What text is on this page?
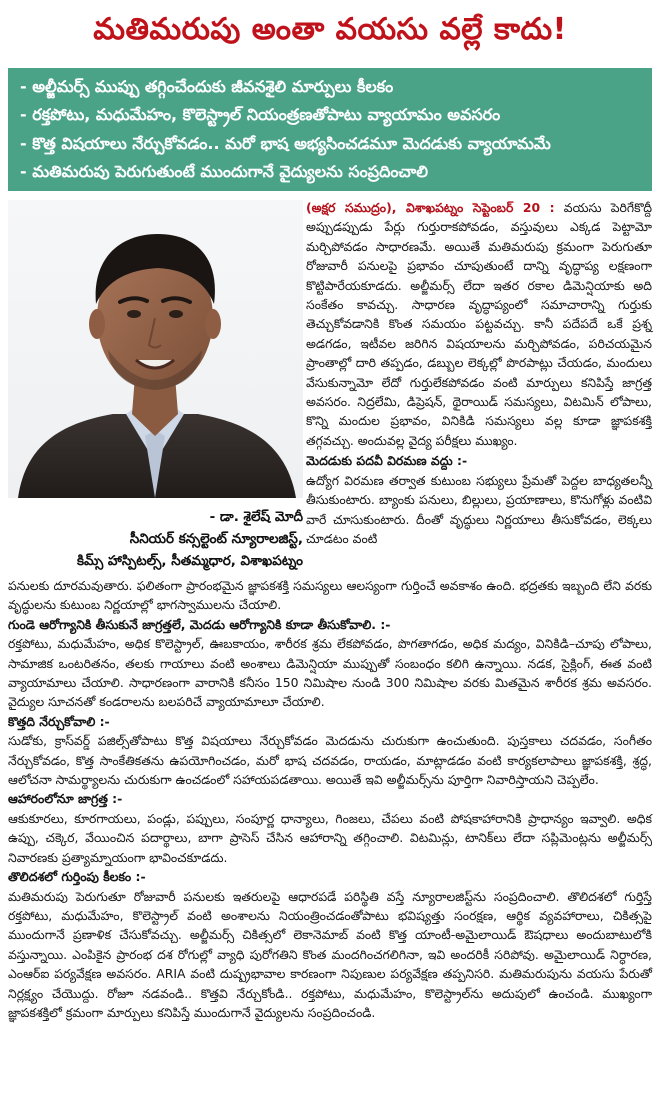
మతిమరుపు అంతా వయసు వల్లే కాదు!
- అల్జీమర్స్ ముప్పు తగ్గించేందుకు జీవనశైలి మార్పులు కీలకం
- రక్తపోటు, మధుమేహం, కొలెస్ట్రాల్ నియంత్రణతోపాటు వ్యాయామం అవసరం
- కొత్త విషయాలు నేర్చుకోవడం.. మరో భాష అభ్యసించడమూ మెదడుకు వ్యాయామమే
- మతిమరుపు పెరుగుతుంటే ముందుగానే వైద్యులను సంప్రదించాలి
- డా. శైలేష్ మోదీ
సీనియర్ కన్సల్టెంట్ న్యూరాలజిస్ట్,
కిమ్స్ హాస్పిటల్స్, సీతమ్మధార, విశాఖపట్నం

(అక్షర సముద్రం), విశాఖపట్నం సెప్టెంబర్ 20 : వయసు పెరిగేకొద్దీ అప్పుడప్పుడు పేర్లు గుర్తురాకపోవడం, వస్తువులు ఎక్కడ పెట్టామో మర్చిపోవడం సాధారణమే. అయితే మతిమరుపు క్రమంగా పెరుగుతూ రోజువారీ పనులపై ప్రభావం చూపుతుంటే దాన్ని వృద్ధాప్య లక్షణంగా కొట్టిపారేయకూడదు. అల్జీమర్స్ లేదా ఇతర రకాల డిమెన్షియాకు అది సంకేతం కావచ్చు. సాధారణ వృద్ధాప్యంలో సమాచారాన్ని గుర్తుకు తెచ్చుకోవడానికి కొంత సమయం పట్టవచ్చు. కానీ పదేపదే ఒకే ప్రశ్న అడగడం, ఇటీవల జరిగిన విషయాలను మర్చిపోవడం, పరిచయమైన ప్రాంతాల్లో దారి తప్పడం, డబ్బుల లెక్కల్లో పొరపాట్లు చేయడం, మందులు వేసుకున్నామో లేదో గుర్తులేకపోవడం వంటి మార్పులు కనిపిస్తే జాగ్రత్త అవసరం. నిద్రలేమి, డిప్రెషన్, థైరాయిడ్ సమస్యలు, విటమిన్ లోపాలు, కొన్ని మందుల ప్రభావం, వినికిడి సమస్యలు వల్ల కూడా జ్ఞాపకశక్తి తగ్గవచ్చు. అందువల్ల వైద్య పరీక్షలు ముఖ్యం.

మెదడుకు పదవీ విరమణ వద్దు :-

ఉద్యోగ విరమణ తర్వాత కుటుంబ సభ్యులు ప్రేమతో పెద్దల బాధ్యతలన్నీ తీసుకుంటారు. బ్యాంకు పనులు, బిల్లులు, ప్రయాణాలు, కొనుగోళ్లు వంటివి వారే చూసుకుంటారు. దీంతో వృద్ధులు నిర్ణయాలు తీసుకోవడం, లెక్కలు చూడటం వంటి

పనులకు దూరమవుతారు. ఫలితంగా ప్రారంభమైన జ్ఞాపకశక్తి సమస్యలు ఆలస్యంగా గుర్తించే అవకాశం ఉంది. భద్రతకు ఇబ్బంది లేని వరకు వృద్ధులను కుటుంబ నిర్ణయాల్లో భాగస్వాములను చేయాలి.

గుండె ఆరోగ్యానికి తీసుకునే జాగ్రత్తలే, మెదడు ఆరోగ్యానికి కూడా తీసుకోవాలి. :-

రక్తపోటు, మధుమేహం, అధిక కొలెస్ట్రాల్, ఊబకాయం, శారీరక శ్రమ లేకపోవడం, పొగతాగడం, అధిక మద్యం, వినికిడి–చూపు లోపాలు, సామాజిక ఒంటరితనం, తలకు గాయాలు వంటి అంశాలు డిమెన్షియా ముప్పుతో సంబంధం కలిగి ఉన్నాయి. నడక, సైక్లింగ్, ఈత వంటి వ్యాయామాలు చేయాలి. సాధారణంగా వారానికి కనీసం 150 నిమిషాల నుండి 300 నిమిషాల వరకు మితమైన శారీరక శ్రమ అవసరం. వైద్యుల సూచనతో కండరాలను బలపరిచే వ్యాయామాలూ చేయాలి.

కొత్తది నేర్చుకోవాలి :-

సుడోకు, క్రాస్‌వర్డ్ పజిల్స్‌తోపాటు కొత్త విషయాలు నేర్చుకోవడం మెదడును చురుకుగా ఉంచుతుంది. పుస్తకాలు చదవడం, సంగీతం నేర్చుకోవడం, కొత్త సాంకేతికతను ఉపయోగించడం, మరో భాష చదవడం, రాయడం, మాట్లాడడం వంటి కార్యకలాపాలు జ్ఞాపకశక్తి, శ్రద్ధ, ఆలోచనా సామర్థ్యాలను చురుకుగా ఉంచడంలో సహాయపడతాయి. అయితే ఇవి అల్జీమర్స్‌ను పూర్తిగా నివారిస్తాయని చెప్పలేం.

ఆహారంలోనూ జాగ్రత్త :-

ఆకుకూరలు, కూరగాయలు, పండ్లు, పప్పులు, సంపూర్ణ ధాన్యాలు, గింజలు, చేపలు వంటి పోషకాహారానికి ప్రాధాన్యం ఇవ్వాలి. అధిక ఉప్పు, చక్కెర, వేయించిన పదార్థాలు, బాగా ప్రాసెస్ చేసిన ఆహారాన్ని తగ్గించాలి. విటమిన్లు, టానిక్‌లు లేదా సప్లిమెంట్లను అల్జీమర్స్ నివారణకు ప్రత్యామ్నాయంగా భావించకూడదు.

తొలిదశలో గుర్తింపు కీలకం :-

మతిమరుపు పెరుగుతూ రోజువారీ పనులకు ఇతరులపై ఆధారపడే పరిస్థితి వస్తే న్యూరాలజిస్ట్‌ను సంప్రదించాలి. తొలిదశలో గుర్తిస్తే రక్తపోటు, మధుమేహం, కొలెస్ట్రాల్ వంటి అంశాలను నియంత్రించడంతోపాటు భవిష్యత్తు సంరక్షణ, ఆర్థిక వ్యవహారాలు, చికిత్సపై ముందుగానే ప్రణాళిక చేసుకోవచ్చు. అల్జీమర్స్ చికిత్సలో లెకానెమాబ్ వంటి కొత్త యాంటీ-అమైలాయిడ్ ఔషధాలు అందుబాటులోకి వస్తున్నాయి. ఎంపికైన ప్రారంభ దశ రోగుల్లో వ్యాధి పురోగతిని కొంత మందగించగలిగినా, ఇవి అందరికీ సరిపోవు. అమైలాయిడ్ నిర్ధారణ, ఎంఆర్ఐ పర్యవేక్షణ అవసరం. ARIA వంటి దుష్ప్రభావాల కారణంగా నిపుణుల పర్యవేక్షణ తప్పనిసరి. మతిమరుపును వయసు పేరుతో నిర్లక్ష్యం చేయొద్దు. రోజూ నడవండి.. కొత్తవి నేర్చుకోండి.. రక్తపోటు, మధుమేహం, కొలెస్ట్రాల్‌ను అదుపులో ఉంచండి. ముఖ్యంగా జ్ఞాపకశక్తిలో క్రమంగా మార్పులు కనిపిస్తే ముందుగానే వైద్యులను సంప్రదించండి.
